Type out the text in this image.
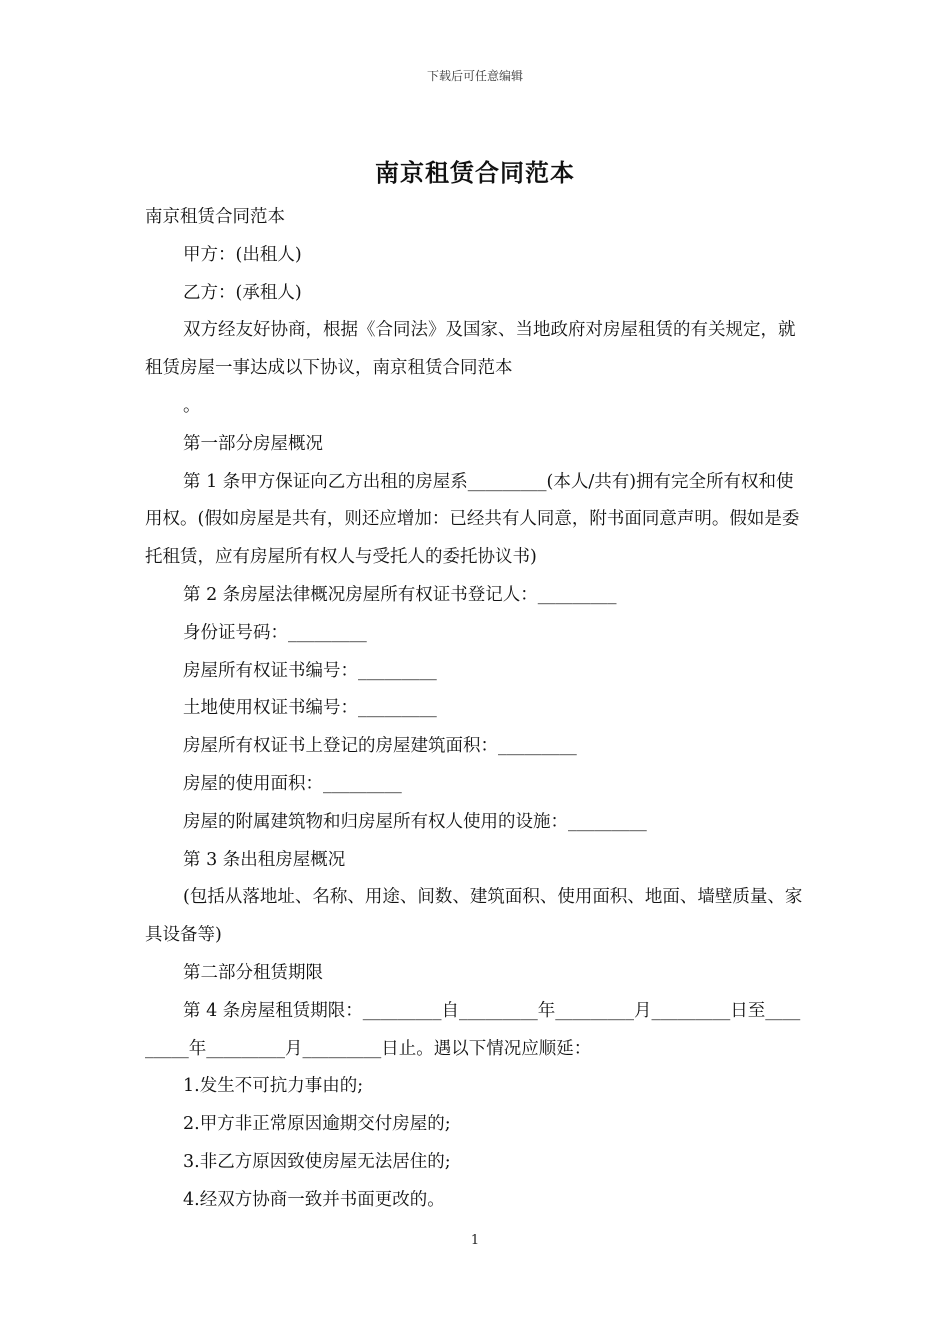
下载后可任意编辑
南京租赁合同范本

南京租赁合同范本

甲方：(出租人)

乙方：(承租人)

双方经友好协商，根据《合同法》及国家、当地政府对房屋租赁的有关规定，就租赁房屋一事达成以下协议，南京租赁合同范本

。

第一部分房屋概况

第 1 条甲方保证向乙方出租的房屋系_________(本人/共有)拥有完全所有权和使用权。(假如房屋是共有，则还应增加：已经共有人同意，附书面同意声明。假如是委托租赁，应有房屋所有权人与受托人的委托协议书)

第 2 条房屋法律概况房屋所有权证书登记人：_________

身份证号码：_________

房屋所有权证书编号：_________

土地使用权证书编号：_________

房屋所有权证书上登记的房屋建筑面积：_________

房屋的使用面积：_________

房屋的附属建筑物和归房屋所有权人使用的设施：_________

第 3 条出租房屋概况

(包括从落地址、名称、用途、间数、建筑面积、使用面积、地面、墙壁质量、家具设备等)

第二部分租赁期限

第 4 条房屋租赁期限：_________自_________年_________月_________日至_________年_________月_________日止。遇以下情况应顺延：

1.发生不可抗力事由的;

2.甲方非正常原因逾期交付房屋的;

3.非乙方原因致使房屋无法居住的;

4.经双方协商一致并书面更改的。

1
